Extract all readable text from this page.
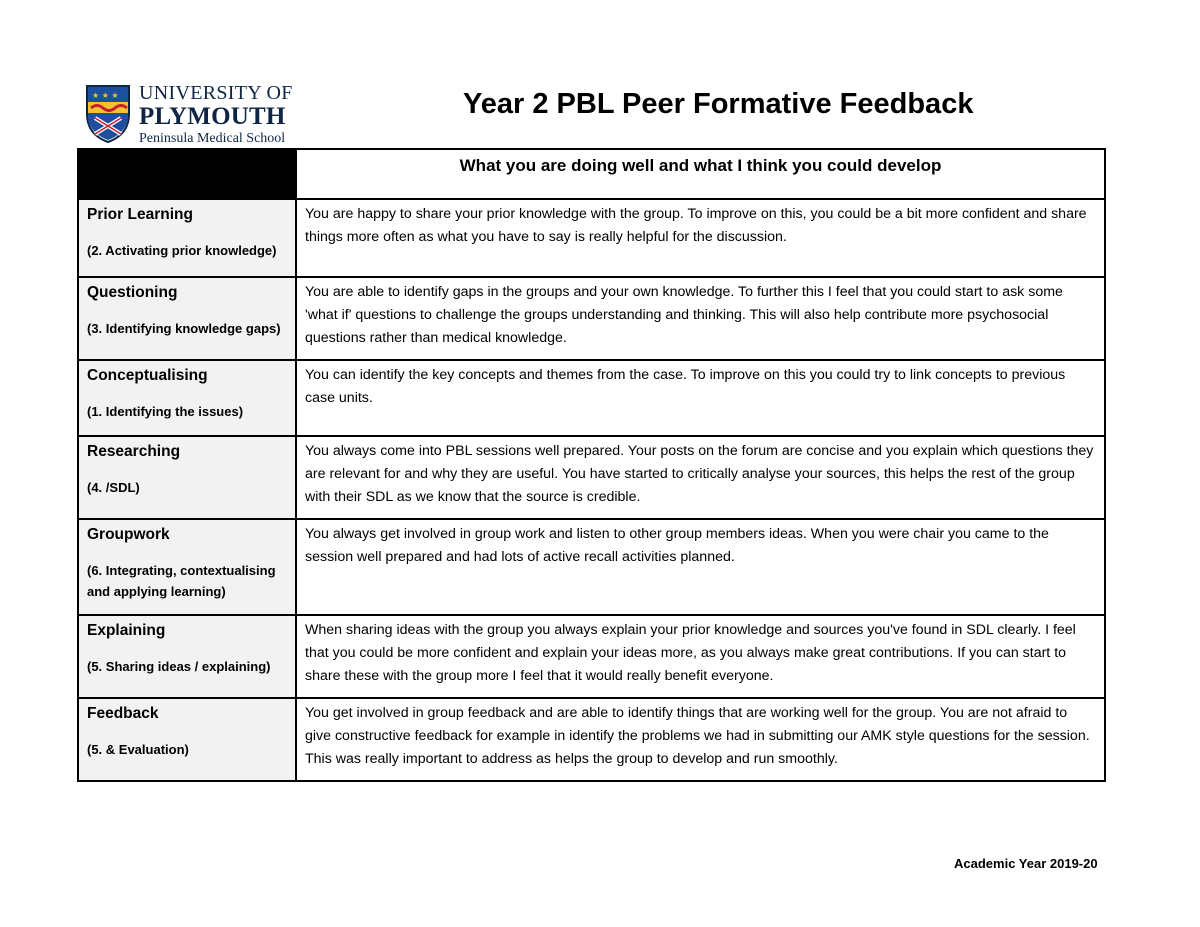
★ ★ ★ UNIVERSITY OF
PLYMOUTH
Peninsula Medical School
Year 2 PBL Peer Formative Feedback
	What you are doing well and what I think you could develop

Prior Learning
(2. Activating prior knowledge)	You are happy to share your prior knowledge with the group. To improve on this, you could be a bit more confident and share things more often as what you have to say is really helpful for the discussion.

Questioning
(3. Identifying knowledge gaps)	You are able to identify gaps in the groups and your own knowledge. To further this I feel that you could start to ask some 'what if' questions to challenge the groups understanding and thinking. This will also help contribute more psychosocial questions rather than medical knowledge.

Conceptualising
(1. Identifying the issues)	You can identify the key concepts and themes from the case. To improve on this you could try to link concepts to previous case units.

Researching
(4. /SDL)	You always come into PBL sessions well prepared. Your posts on the forum are concise and you explain which questions they are relevant for and why they are useful. You have started to critically analyse your sources, this helps the rest of the group with their SDL as we know that the source is credible.

Groupwork
(6. Integrating, contextualising and applying learning)	You always get involved in group work and listen to other group members ideas. When you were chair you came to the session well prepared and had lots of active recall activities planned.

Explaining
(5. Sharing ideas / explaining)	When sharing ideas with the group you always explain your prior knowledge and sources you've found in SDL clearly. I feel that you could be more confident and explain your ideas more, as you always make great contributions. If you can start to share these with the group more I feel that it would really benefit everyone.

Feedback
(5. & Evaluation)	You get involved in group feedback and are able to identify things that are working well for the group. You are not afraid to give constructive feedback for example in identify the problems we had in submitting our AMK style questions for the session. This was really important to address as helps the group to develop and run smoothly.
Academic Year 2019-20
